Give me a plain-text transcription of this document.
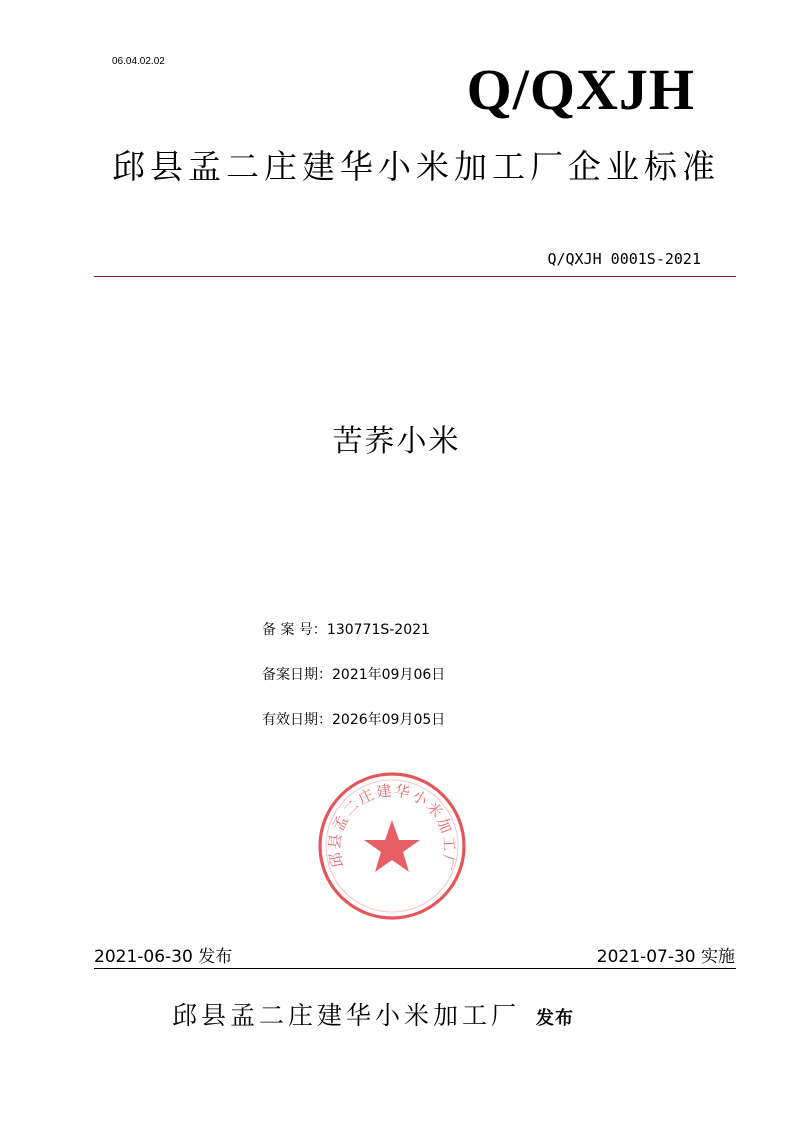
06.04.02.02	Q/QXJH
邱县孟二庄建华小米加工厂企业标准
Q/QXJH 0001S-2021
苦荞小米
备 案 号：130771S-2021
备案日期：2021年09月06日
有效日期：2026年09月05日
邱县孟二庄建华小米加工厂
2021-06-30 发布	2021-07-30 实施
邱县孟二庄建华小米加工厂 发布
